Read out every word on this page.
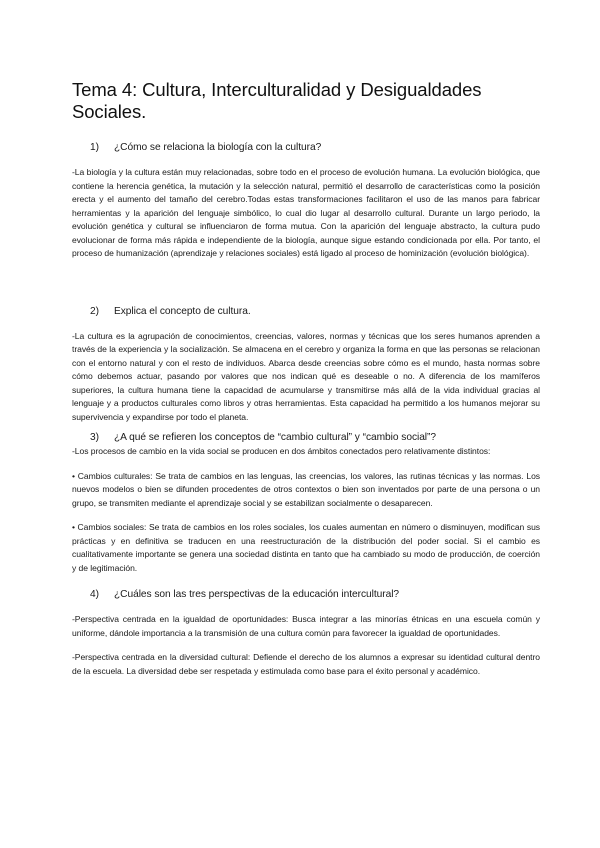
Tema 4: Cultura, Interculturalidad y Desigualdades Sociales.
1) ¿Cómo se relaciona la biología con la cultura?

-La biología y la cultura están muy relacionadas, sobre todo en el proceso de evolución humana. La evolución biológica, que contiene la herencia genética, la mutación y la selección natural, permitió el desarrollo de características como la posición erecta y el aumento del tamaño del cerebro.Todas estas transformaciones facilitaron el uso de las manos para fabricar herramientas y la aparición del lenguaje simbólico, lo cual dio lugar al desarrollo cultural. Durante un largo periodo, la evolución genética y cultural se influenciaron de forma mutua. Con la aparición del lenguaje abstracto, la cultura pudo evolucionar de forma más rápida e independiente de la biología, aunque sigue estando condicionada por ella. Por tanto, el proceso de humanización (aprendizaje y relaciones sociales) está ligado al proceso de hominización (evolución biológica).

2) Explica el concepto de cultura.

-La cultura es la agrupación de conocimientos, creencias, valores, normas y técnicas que los seres humanos aprenden a través de la experiencia y la socialización. Se almacena en el cerebro y organiza la forma en que las personas se relacionan con el entorno natural y con el resto de individuos. Abarca desde creencias sobre cómo es el mundo, hasta normas sobre cómo debemos actuar, pasando por valores que nos indican qué es deseable o no. A diferencia de los mamíferos superiores, la cultura humana tiene la capacidad de acumularse y transmitirse más allá de la vida individual gracias al lenguaje y a productos culturales como libros y otras herramientas. Esta capacidad ha permitido a los humanos mejorar su supervivencia y expandirse por todo el planeta.

3) ¿A qué se refieren los conceptos de “cambio cultural” y “cambio social”?

-Los procesos de cambio en la vida social se producen en dos ámbitos conectados pero relativamente distintos:

• Cambios culturales: Se trata de cambios en las lenguas, las creencias, los valores, las rutinas técnicas y las normas. Los nuevos modelos o bien se difunden procedentes de otros contextos o bien son inventados por parte de una persona o un grupo, se transmiten mediante el aprendizaje social y se estabilizan socialmente o desaparecen.

• Cambios sociales: Se trata de cambios en los roles sociales, los cuales aumentan en número o disminuyen, modifican sus prácticas y en definitiva se traducen en una reestructuración de la distribución del poder social. Si el cambio es cualitativamente importante se genera una sociedad distinta en tanto que ha cambiado su modo de producción, de coerción y de legitimación.

4) ¿Cuáles son las tres perspectivas de la educación intercultural?

-Perspectiva centrada en la igualdad de oportunidades: Busca integrar a las minorías étnicas en una escuela común y uniforme, dándole importancia a la transmisión de una cultura común para favorecer la igualdad de oportunidades.

-Perspectiva centrada en la diversidad cultural: Defiende el derecho de los alumnos a expresar su identidad cultural dentro de la escuela. La diversidad debe ser respetada y estimulada como base para el éxito personal y académico.
